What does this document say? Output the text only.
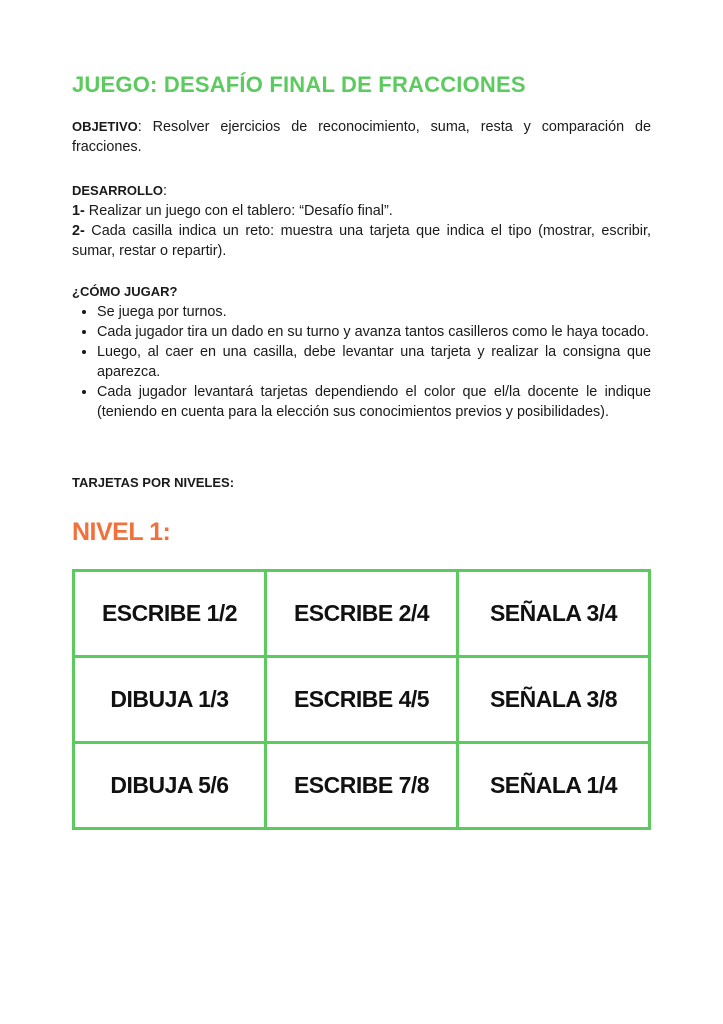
JUEGO: DESAFÍO FINAL DE FRACCIONES

OBJETIVO: Resolver ejercicios de reconocimiento, suma, resta y comparación de fracciones.

DESARROLLO:
1- Realizar un juego con el tablero: “Desafío final”.
2- Cada casilla indica un reto: muestra una tarjeta que indica el tipo (mostrar, escribir, sumar, restar o repartir).
¿CÓMO JUGAR?
• Se juega por turnos.
• Cada jugador tira un dado en su turno y avanza tantos casilleros como le haya tocado.
• Luego, al caer en una casilla, debe levantar una tarjeta y realizar la consigna que aparezca.
• Cada jugador levantará tarjetas dependiendo el color que el/la docente le indique (teniendo en cuenta para la elección sus conocimientos previos y posibilidades).
TARJETAS POR NIVELES:
NIVEL 1:
ESCRIBE 1/2	ESCRIBE 2/4	SEÑALA 3/4
DIBUJA 1/3	ESCRIBE 4/5	SEÑALA 3/8
DIBUJA 5/6	ESCRIBE 7/8	SEÑALA 1/4
